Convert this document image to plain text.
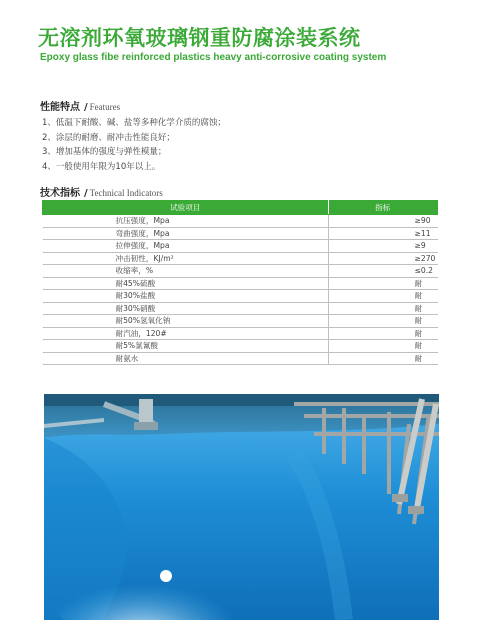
无溶剂环氧玻璃钢重防腐涂装系统
Epoxy glass fibe reinforced plastics heavy anti-corrosive coating system
性能特点 / Features
1、低温下耐酸、碱、盐等多种化学介质的腐蚀；
2、涂层的耐磨、耐冲击性能良好；
3、增加基体的强度与弹性模量；
4、一般使用年限为10年以上。
技术指标 / Technical Indicators
试验项目	指标
抗压强度，Mpa	≥90
弯曲强度，Mpa	≥11
拉伸强度，Mpa	≥9
冲击韧性，KJ/m²	≥270
收缩率，%	≤0.2
耐45%硫酸	耐
耐30%盐酸	耐
耐30%硝酸	耐
耐50%氢氧化钠	耐
耐汽油，120#	耐
耐5%氯氰酸	耐
耐氨水	耐
